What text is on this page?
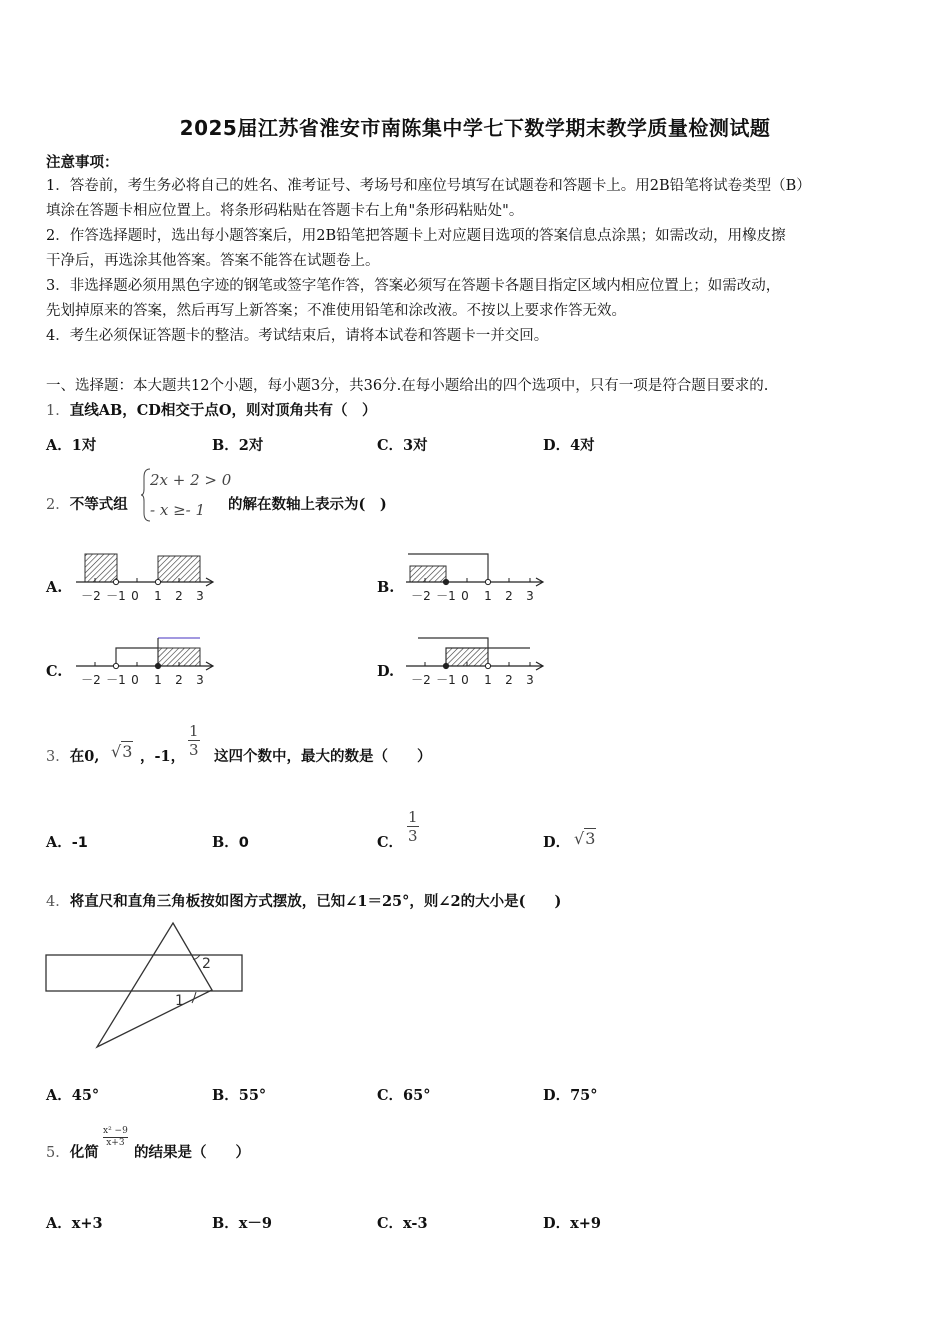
2025届江苏省淮安市南陈集中学七下数学期末教学质量检测试题
注意事项：
1．答卷前，考生务必将自己的姓名、准考证号、考场号和座位号填写在试题卷和答题卡上。用2B铅笔将试卷类型（B）
填涂在答题卡相应位置上。将条形码粘贴在答题卡右上角"条形码粘贴处"。
2．作答选择题时，选出每小题答案后，用2B铅笔把答题卡上对应题目选项的答案信息点涂黑；如需改动，用橡皮擦
干净后，再选涂其他答案。答案不能答在试题卷上。
3．非选择题必须用黑色字迹的钢笔或签字笔作答，答案必须写在答题卡各题目指定区域内相应位置上；如需改动，
先划掉原来的答案，然后再写上新答案；不准使用铅笔和涂改液。不按以上要求作答无效。
4．考生必须保证答题卡的整洁。考试结束后，请将本试卷和答题卡一并交回。
一、选择题：本大题共12个小题，每小题3分，共36分.在每小题给出的四个选项中，只有一项是符合题目要求的.
1．直线AB，CD相交于点O，则对顶角共有（　）
A．1对	B．2对	C．3对	D．4对
2．不等式组
2x + 2 > 0
- x ≥- 1 的解在数轴上表示为(　)
A.	B.
C.	D.
－2 －1 0 1 2 3	－2 －1 0 1 2 3
－2 －1 0 1 2 3	－2 －1 0 1 2 3
3．在0, √3 ，-1， $\frac{1}{3}$ 这四个数中，最大的数是（　　）
A．-1	B．0	C． $\frac{1}{3}$	D． √3
4．将直尺和直角三角板按如图方式摆放，已知∠1＝25°，则∠2的大小是(　　)
2
1
A．45°	B．55°	C．65°	D．75°
5．化简
$\frac{\text{x² −9}}{x+3}$
的结果是（　　）
A．x+3	B．x－9	C．x-3	D．x+9
